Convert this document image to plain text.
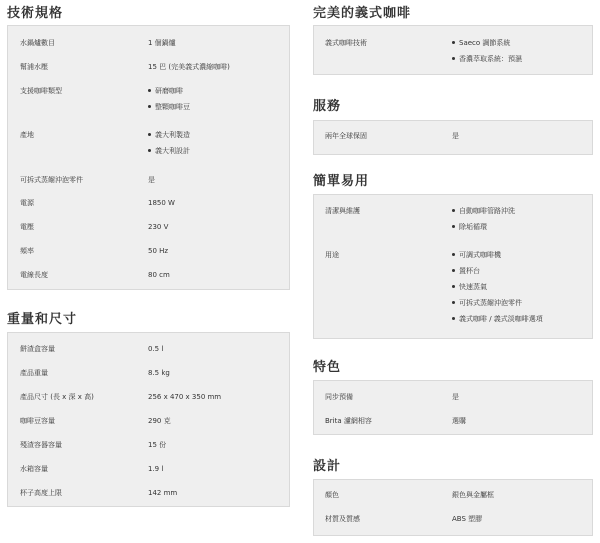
技術規格
水鍋爐數目	1 個鍋爐
幫浦水壓	15 巴 (完美義式濃縮咖啡)
支援咖啡類型	研磨咖啡
整顆咖啡豆
產地	義大利製造
義大利設計
可拆式蒸餾沖泡零件	是
電源	1850 W
電壓	230 V
頻率	50 Hz
電線長度	80 cm
重量和尺寸
餅渣盒容量	0.5 l
產品重量	8.5 kg
產品尺寸 (長 x 深 x 高)	256 x 470 x 350 mm
咖啡豆容量	290 克
殘渣容器容量	15 份
水箱容量	1.9 l
杯子高度上限	142 mm
完美的義式咖啡
義式咖啡技術	Saeco 調節系統
香濃萃取系統：預濕
服務
兩年全球保固	是
簡單易用
清潔與維護	自動咖啡管路沖洗
除垢循環
用途	可調式咖啡機
置杯台
快速蒸氣
可拆式蒸餾沖泡零件
義式咖啡 / 義式淡咖啡選項
特色
同步預備	是
Brita 濾網相容	選購
設計
顏色	銀色與金屬框
材質及質感	ABS 塑膠
